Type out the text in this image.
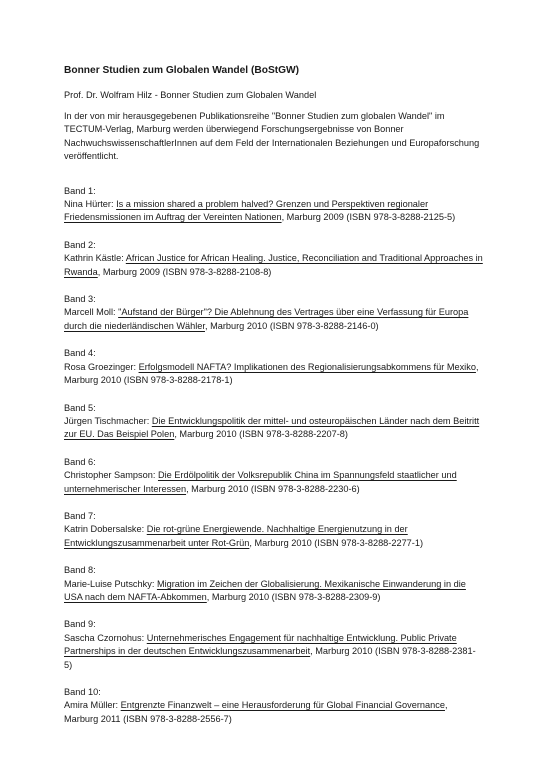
Bonner Studien zum Globalen Wandel (BoStGW)
Prof. Dr. Wolfram Hilz - Bonner Studien zum Globalen Wandel
In der von mir herausgegebenen Publikationsreihe "Bonner Studien zum globalen Wandel" im TECTUM-Verlag, Marburg werden überwiegend Forschungsergebnisse von Bonner NachwuchswissenschaftlerInnen auf dem Feld der Internationalen Beziehungen und Europaforschung veröffentlicht.
Band 1:
Nina Hürter: Is a mission shared a problem halved? Grenzen und Perspektiven regionaler Friedensmissionen im Auftrag der Vereinten Nationen, Marburg 2009 (ISBN 978-3-8288-2125-5)
Band 2:
Kathrin Kästle: African Justice for African Healing. Justice, Reconciliation and Traditional Approaches in Rwanda, Marburg 2009 (ISBN 978-3-8288-2108-8)
Band 3:
Marcell Moll: "Aufstand der Bürger"? Die Ablehnung des Vertrages über eine Verfassung für Europa durch die niederländischen Wähler, Marburg 2010 (ISBN 978-3-8288-2146-0)
Band 4:
Rosa Groezinger: Erfolgsmodell NAFTA? Implikationen des Regionalisierungsabkommens für Mexiko, Marburg 2010 (ISBN 978-3-8288-2178-1)
Band 5:
Jürgen Tischmacher: Die Entwicklungspolitik der mittel- und osteuropäischen Länder nach dem Beitritt zur EU. Das Beispiel Polen, Marburg 2010 (ISBN 978-3-8288-2207-8)
Band 6:
Christopher Sampson: Die Erdölpolitik der Volksrepublik China im Spannungsfeld staatlicher und unternehmerischer Interessen, Marburg 2010 (ISBN 978-3-8288-2230-6)
Band 7:
Katrin Dobersalske: Die rot-grüne Energiewende. Nachhaltige Energienutzung in der Entwicklungszusammenarbeit unter Rot-Grün, Marburg 2010 (ISBN 978-3-8288-2277-1)
Band 8:
Marie-Luise Putschky: Migration im Zeichen der Globalisierung. Mexikanische Einwanderung in die USA nach dem NAFTA-Abkommen, Marburg 2010 (ISBN 978-3-8288-2309-9)
Band 9:
Sascha Czornohus: Unternehmerisches Engagement für nachhaltige Entwicklung. Public Private Partnerships in der deutschen Entwicklungszusammenarbeit, Marburg 2010 (ISBN 978-3-8288-2381-5)
Band 10:
Amira Müller: Entgrenzte Finanzwelt – eine Herausforderung für Global Financial Governance, Marburg 2011 (ISBN 978-3-8288-2556-7)
